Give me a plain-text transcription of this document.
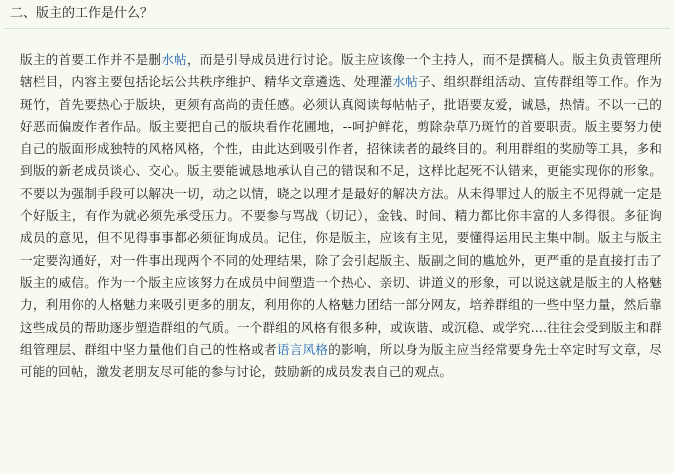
二、版主的工作是什么？

版主的首要工作并不是删水帖，而是引导成员进行讨论。版主应该像一个主持人，而不是撰稿人。版主负责管理所辖栏目，内容主要包括论坛公共秩序维护、精华文章遴选、处理灌水帖子、组织群组活动、宣传群组等工作。作为斑竹，首先要热心于版块，更须有高尚的责任感。必须认真阅读每帖帖子，批语要友爱，诚恳，热情。不以一己的好恶而偏废作者作品。版主要把自己的版块看作花圃地，--呵护鲜花，剪除杂草乃斑竹的首要职责。版主要努力使自己的版面形成独特的风格风格，个性，由此达到吸引作者，招徕读者的最终目的。利用群组的奖励等工具，多和到版的新老成员谈心、交心。版主要能诚恳地承认自己的错误和不足，这样比起死不认错来，更能实现你的形象。不要以为强制手段可以解决一切，动之以情，晓之以理才是最好的解决方法。从未得罪过人的版主不见得就一定是个好版主，有作为就必须先承受压力。不要参与骂战（切记），金钱、时间、精力都比你丰富的人多得很。多征询成员的意见，但不见得事事都必须征询成员。记住，你是版主，应该有主见，要懂得运用民主集中制。版主与版主一定要沟通好，对一件事出现两个不同的处理结果，除了会引起版主、版副之间的尴尬外，更严重的是直接打击了版主的威信。作为一个版主应该努力在成员中间塑造一个热心、亲切、讲道义的形象，可以说这就是版主的人格魅力，利用你的人格魅力来吸引更多的朋友，利用你的人格魅力团结一部分网友，培养群组的一些中坚力量，然后靠这些成员的帮助逐步塑造群组的气质。一个群组的风格有很多种，或诙谐、或沉稳、或学究....往往会受到版主和群组管理层、群组中坚力量他们自己的性格或者语言风格的影响，所以身为版主应当经常要身先士卒定时写文章，尽可能的回帖，激发老朋友尽可能的参与讨论，鼓励新的成员发表自己的观点。
